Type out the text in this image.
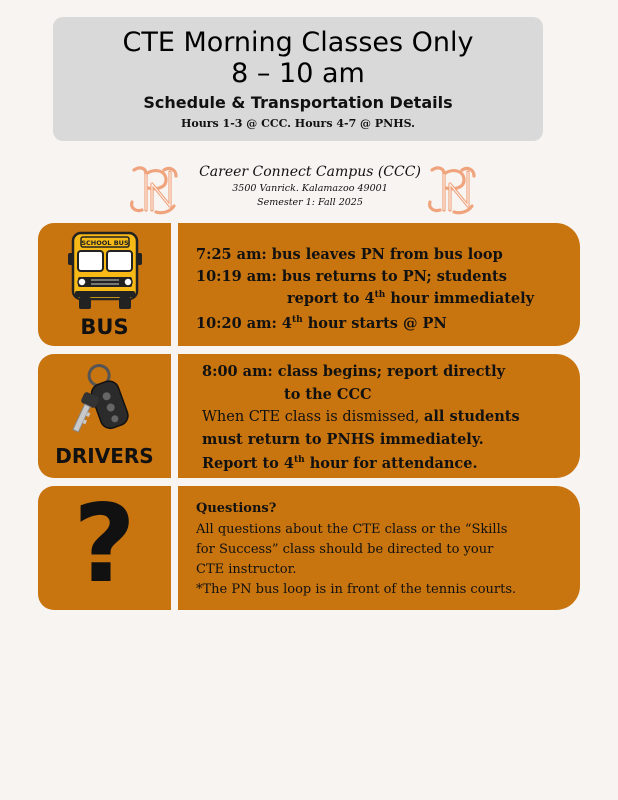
CTE Morning Classes Only
8 – 10 am
Schedule & Transportation Details
Hours 1-3 @ CCC. Hours 4-7 @ PNHS.
Career Connect Campus (CCC)
3500 Vanrick. Kalamazoo 49001
Semester 1: Fall 2025
SCHOOL BUS
BUS
7:25 am: bus leaves PN from bus loop
10:19 am: bus returns to PN; students
report to 4th hour immediately
10:20 am: 4th hour starts @ PN
DRIVERS
8:00 am: class begins; report directly
to the CCC
When CTE class is dismissed, all students
must return to PNHS immediately.
Report to 4th hour for attendance.
?	Questions?
All questions about the CTE class or the “Skills
for Success” class should be directed to your
CTE instructor.
*The PN bus loop is in front of the tennis courts.
